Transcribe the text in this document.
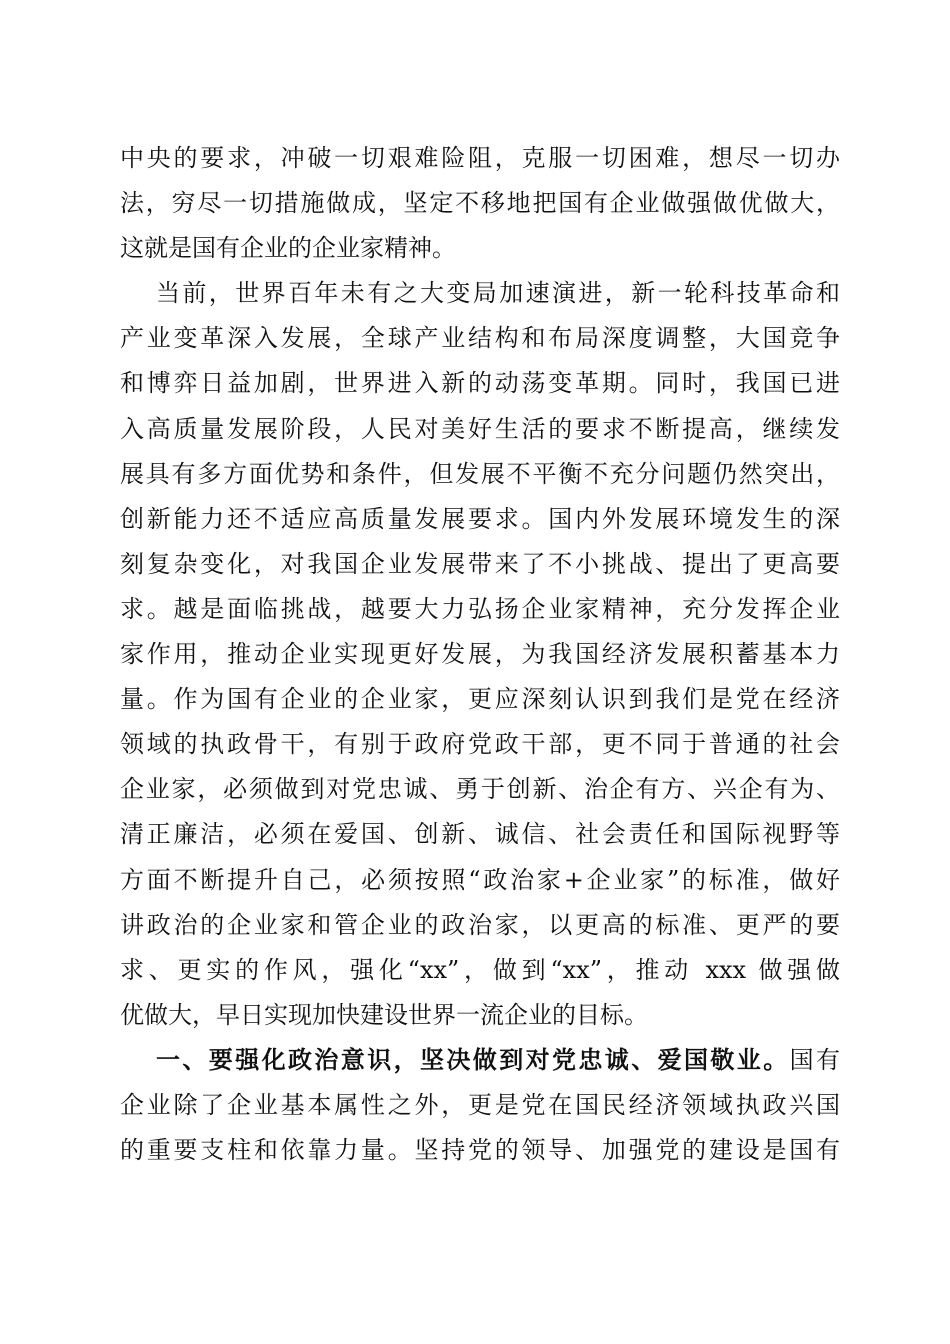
中央的要求，冲破一切艰难险阻，克服一切困难，想尽一切办
法，穷尽一切措施做成，坚定不移地把国有企业做强做优做大，
这就是国有企业的企业家精神。
当前，世界百年未有之大变局加速演进，新一轮科技革命和
产业变革深入发展，全球产业结构和布局深度调整，大国竞争
和博弈日益加剧，世界进入新的动荡变革期。同时，我国已进
入高质量发展阶段，人民对美好生活的要求不断提高，继续发
展具有多方面优势和条件，但发展不平衡不充分问题仍然突出，
创新能力还不适应高质量发展要求。国内外发展环境发生的深
刻复杂变化，对我国企业发展带来了不小挑战、提出了更高要
求。越是面临挑战，越要大力弘扬企业家精神，充分发挥企业
家作用，推动企业实现更好发展，为我国经济发展积蓄基本力
量。作为国有企业的企业家，更应深刻认识到我们是党在经济
领域的执政骨干，有别于政府党政干部，更不同于普通的社会
企业家，必须做到对党忠诚、勇于创新、治企有方、兴企有为、
清正廉洁，必须在爱国、创新、诚信、社会责任和国际视野等
方面不断提升自己，必须按照“政治家+企业家”的标准，做好
讲政治的企业家和管企业的政治家，以更高的标准、更严的要
求、更实的作风，强化“xx”，做到“xx”，推动 xxx 做强做
优做大，早日实现加快建设世界一流企业的目标。
一、要强化政治意识，坚决做到对党忠诚、爱国敬业。国有
企业除了企业基本属性之外，更是党在国民经济领域执政兴国
的重要支柱和依靠力量。坚持党的领导、加强党的建设是国有
